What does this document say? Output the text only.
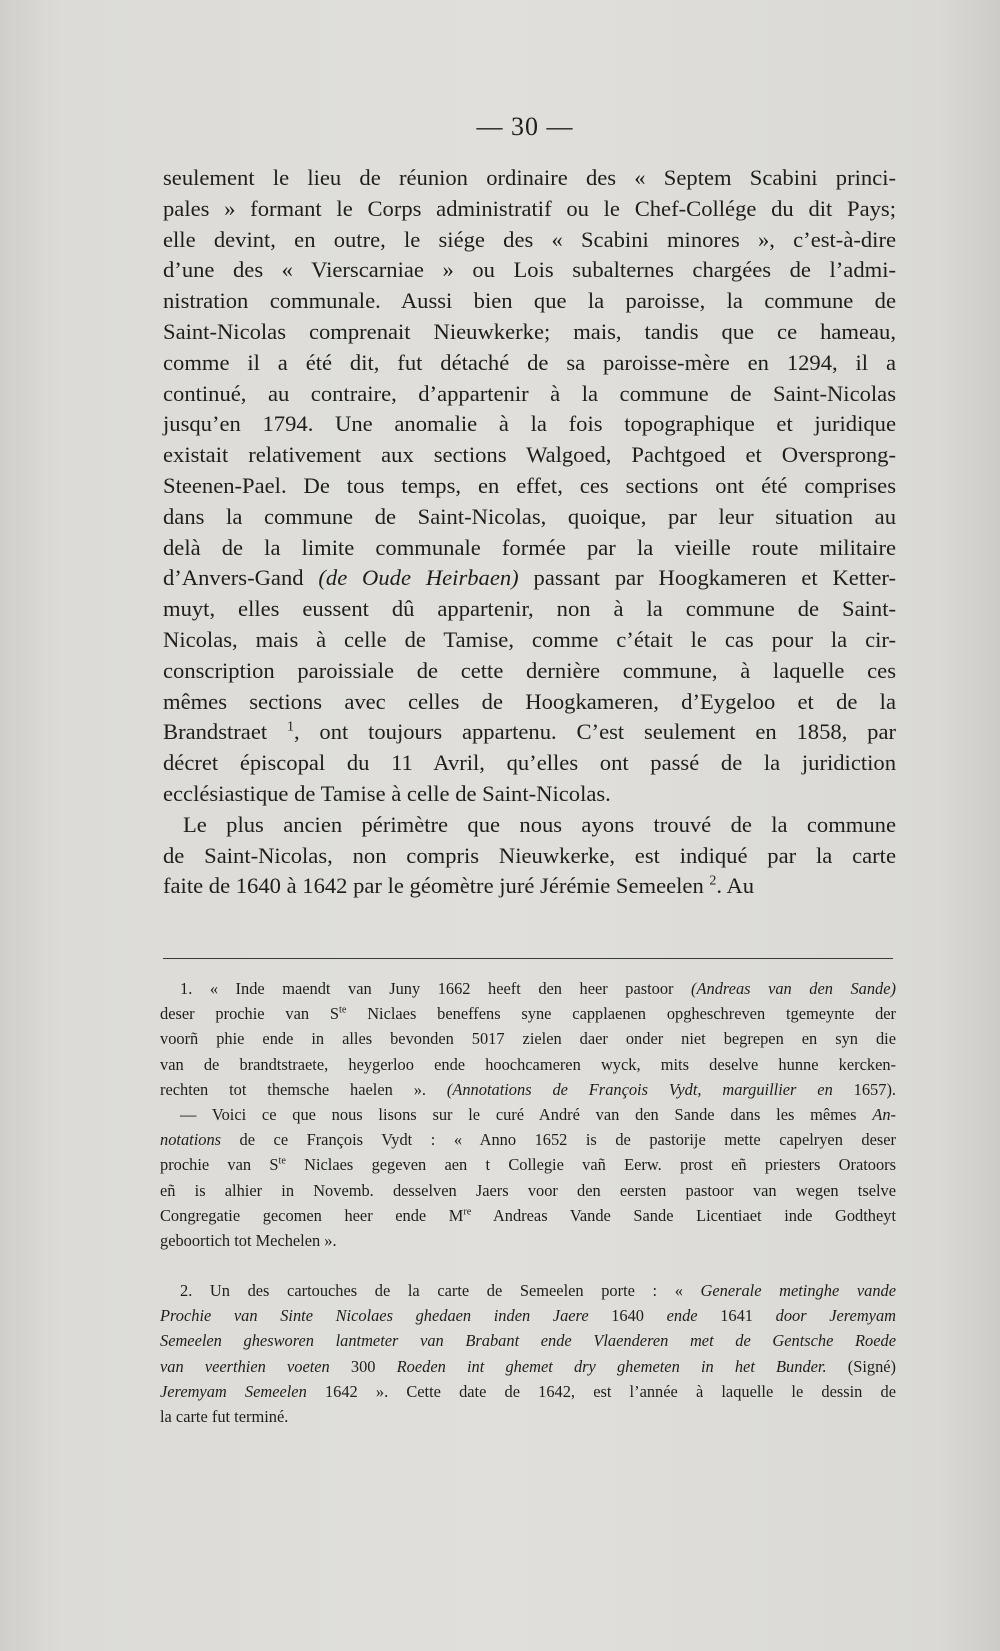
— 30 —
seulement le lieu de réunion ordinaire des « Septem Scabini princi-
pales » formant le Corps administratif ou le Chef-Collége du dit Pays;
elle devint, en outre, le siége des « Scabini minores », c’est-à-dire
d’une des « Vierscarniae » ou Lois subalternes chargées de l’admi-
nistration communale. Aussi bien que la paroisse, la commune de
Saint-Nicolas comprenait Nieuwkerke; mais, tandis que ce hameau,
comme il a été dit, fut détaché de sa paroisse-mère en 1294, il a
continué, au contraire, d’appartenir à la commune de Saint-Nicolas
jusqu’en 1794. Une anomalie à la fois topographique et juridique
existait relativement aux sections Walgoed, Pachtgoed et Oversprong-
Steenen-Pael. De tous temps, en effet, ces sections ont été comprises
dans la commune de Saint-Nicolas, quoique, par leur situation au
delà de la limite communale formée par la vieille route militaire
d’Anvers-Gand (de Oude Heirbaen) passant par Hoogkameren et Ketter-
muyt, elles eussent dû appartenir, non à la commune de Saint-
Nicolas, mais à celle de Tamise, comme c’était le cas pour la cir-
conscription paroissiale de cette dernière commune, à laquelle ces
mêmes sections avec celles de Hoogkameren, d’Eygeloo et de la
Brandstraet $^1$, ont toujours appartenu. C’est seulement en 1858, par
décret épiscopal du 11 Avril, qu’elles ont passé de la juridiction
ecclésiastique de Tamise à celle de Saint-Nicolas.
Le plus ancien périmètre que nous ayons trouvé de la commune
de Saint-Nicolas, non compris Nieuwkerke, est indiqué par la carte
faite de 1640 à 1642 par le géomètre juré Jérémie Semeelen $^2$. Au
1. « Inde maendt van Juny 1662 heeft den heer pastoor (Andreas van den Sande)
deser prochie van $S^{te}$ Niclaes beneffens syne capplaenen opgheschreven tgemeynte der
voorñ phie ende in alles bevonden 5017 zielen daer onder niet begrepen en syn die
van de brandtstraete, heygerloo ende hoochcameren wyck, mits deselve hunne kercken-
rechten tot themsche haelen ». (Annotations de François Vydt, marguillier en 1657).
— Voici ce que nous lisons sur le curé André van den Sande dans les mêmes An-
notations de ce François Vydt : « Anno 1652 is de pastorije mette capelryen deser
prochie van $S^{te}$ Niclaes gegeven aen t Collegie vañ Eerw. prost eñ priesters Oratoors
eñ is alhier in Novemb. desselven Jaers voor den eersten pastoor van wegen tselve
Congregatie gecomen heer ende Mre Andreas Vande Sande Licentiaet inde Godtheyt
geboortich tot Mechelen ».
2. Un des cartouches de la carte de Semeelen porte : « Generale metinghe vande
Prochie van Sinte Nicolaes ghedaen inden Jaere 1640 ende 1641 door Jeremyam
Semeelen ghesworen lantmeter van Brabant ende Vlaenderen met de Gentsche Roede
van veerthien voeten 300 Roeden int ghemet dry ghemeten in het Bunder. (Signé)
Jeremyam Semeelen 1642 ». Cette date de 1642, est l’année à laquelle le dessin de
la carte fut terminé.
